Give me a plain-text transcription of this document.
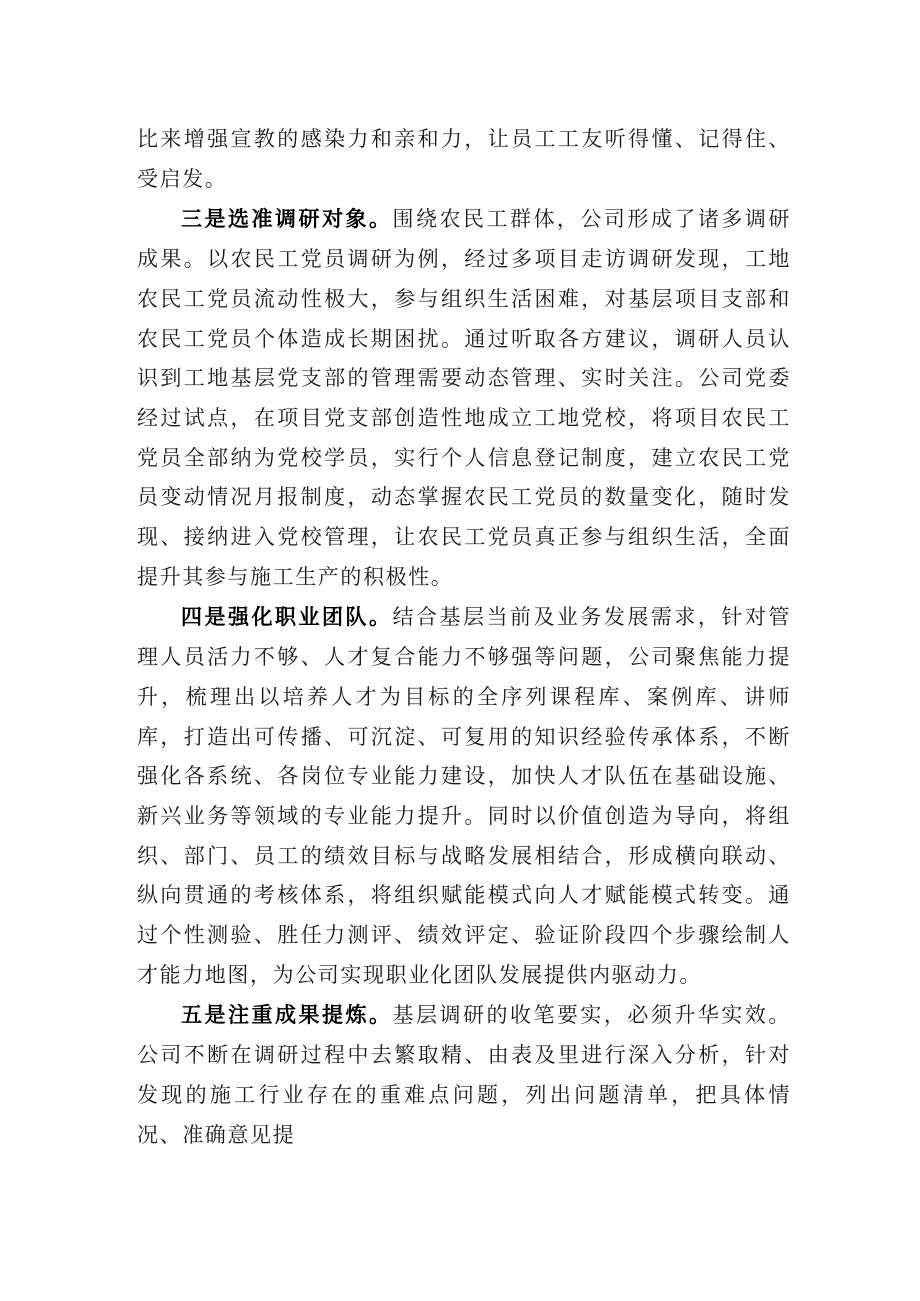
比来增强宣教的感染力和亲和力，让员工工友听得懂、记得住、受启发。

三是选准调研对象。围绕农民工群体，公司形成了诸多调研成果。以农民工党员调研为例，经过多项目走访调研发现，工地农民工党员流动性极大，参与组织生活困难，对基层项目支部和农民工党员个体造成长期困扰。通过听取各方建议，调研人员认识到工地基层党支部的管理需要动态管理、实时关注。公司党委经过试点，在项目党支部创造性地成立工地党校，将项目农民工党员全部纳为党校学员，实行个人信息登记制度，建立农民工党员变动情况月报制度，动态掌握农民工党员的数量变化，随时发现、接纳进入党校管理，让农民工党员真正参与组织生活，全面提升其参与施工生产的积极性。

四是强化职业团队。结合基层当前及业务发展需求，针对管理人员活力不够、人才复合能力不够强等问题，公司聚焦能力提升，梳理出以培养人才为目标的全序列课程库、案例库、讲师库，打造出可传播、可沉淀、可复用的知识经验传承体系，不断强化各系统、各岗位专业能力建设，加快人才队伍在基础设施、新兴业务等领域的专业能力提升。同时以价值创造为导向，将组织、部门、员工的绩效目标与战略发展相结合，形成横向联动、纵向贯通的考核体系，将组织赋能模式向人才赋能模式转变。通过个性测验、胜任力测评、绩效评定、验证阶段四个步骤绘制人才能力地图，为公司实现职业化团队发展提供内驱动力。

五是注重成果提炼。基层调研的收笔要实，必须升华实效。公司不断在调研过程中去繁取精、由表及里进行深入分析，针对发现的施工行业存在的重难点问题，列出问题清单，把具体情况、准确意见提
